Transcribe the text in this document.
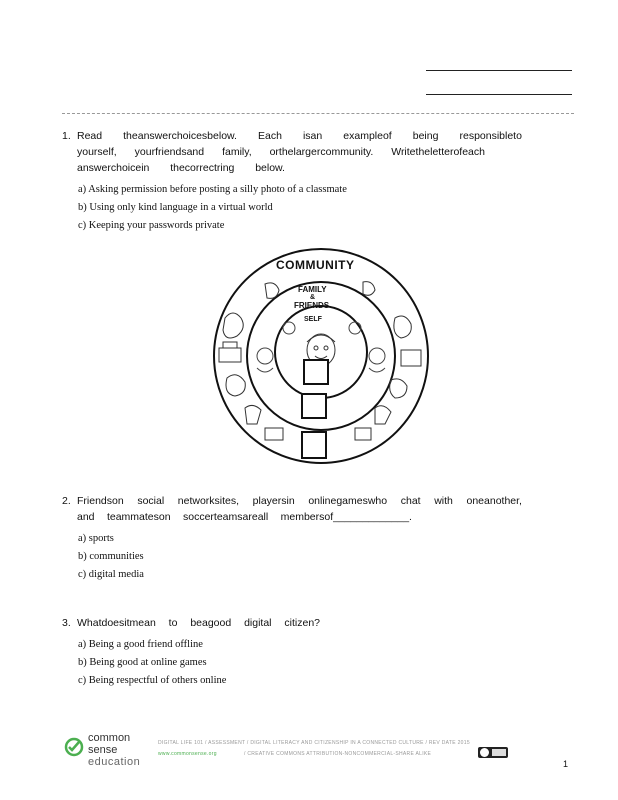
1. Read theanswerchoicesbelow. Each isan exampleof being responsibleto
yourself, yourfriendsand family, orthelargercommunity. Writetheletterofeach
answerchoicein thecorrectring below.
a) Asking permission before posting a silly photo of a classmate
b) Using only kind language in a virtual world
c) Keeping your passwords private
COMMUNITY
FAMILY
&
FRIENDS
SELF
2. Friendson social networksites, playersin onlinegameswho chat with oneanother,
and teammateson soccerteamsareall membersof_____________.
a) sports
b) communities
c) digital media
3. Whatdoesitmean to beagood digital citizen?
a) Being a good friend offline
b) Being good at online games
c) Being respectful of others online
common
sense
education
DIGITAL LIFE 101 / ASSESSMENT / DIGITAL LITERACY AND CITIZENSHIP IN A CONNECTED CULTURE / REV DATE 2015
www.commonsense.org	/ CREATIVE COMMONS ATTRIBUTION-NONCOMMERCIAL-SHARE ALIKE
1
